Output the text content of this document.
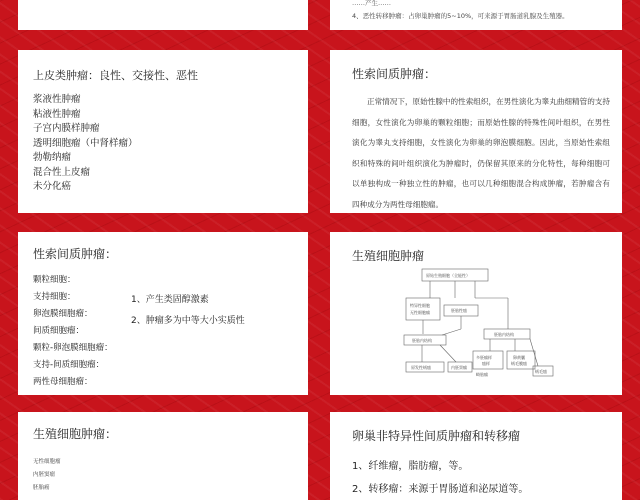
……产生……
4、恶性转移肿瘤：占卵巢肿瘤的5~10%，可来源于胃肠道乳腺及生殖器。
上皮类肿瘤：良性、交接性、恶性
浆液性肿瘤
粘液性肿瘤
子宫内膜样肿瘤
透明细胞瘤（中肾样瘤）
勃勒纳瘤
混合性上皮瘤
未分化癌
性索间质肿瘤：
正常情况下，原始性腺中的性索组织，在男性演化为睾丸曲细精管的支持细胞，女性演化为卵巢的颗粒细胞；而原始性腺的特殊性间叶组织，在男性演化为睾丸支持细胞，女性演化为卵巢的卵泡膜细胞。因此，当原始性索组织和特殊的间叶组织演化为肿瘤时，仍保留其原来的分化特性，每种细胞可以单独构成一种独立性的肿瘤，也可以几种细胞混合构成肿瘤，若肿瘤含有四种成分为两性母细胞瘤。
性索间质肿瘤：
颗粒细胞：
支持细胞：
卵泡膜细胞瘤：
间质细胞瘤：
颗粒-卵泡膜细胞瘤：
支持-间质细胞瘤：
两性母细胞瘤：
1、产生类固醇激素
2、肿瘤多为中等大小实质性
生殖细胞肿瘤
原始生殖细胞（全能性）
特异性细胞
无性细胞瘤	胚胎性癌
胚胎内结构
胚胎内结构
多胚瘤样
癌样
卵黄囊
绒毛膜癌
原发性绒癌	内胚窦瘤
畸胎瘤
绒毛癌
生殖细胞肿瘤：
无性细胞瘤
内胚窦瘤
胚胎癌
卵巢非特异性间质肿瘤和转移瘤
1、纤维瘤，脂肪瘤，等。
2、转移瘤：来源于胃肠道和泌尿道等。
